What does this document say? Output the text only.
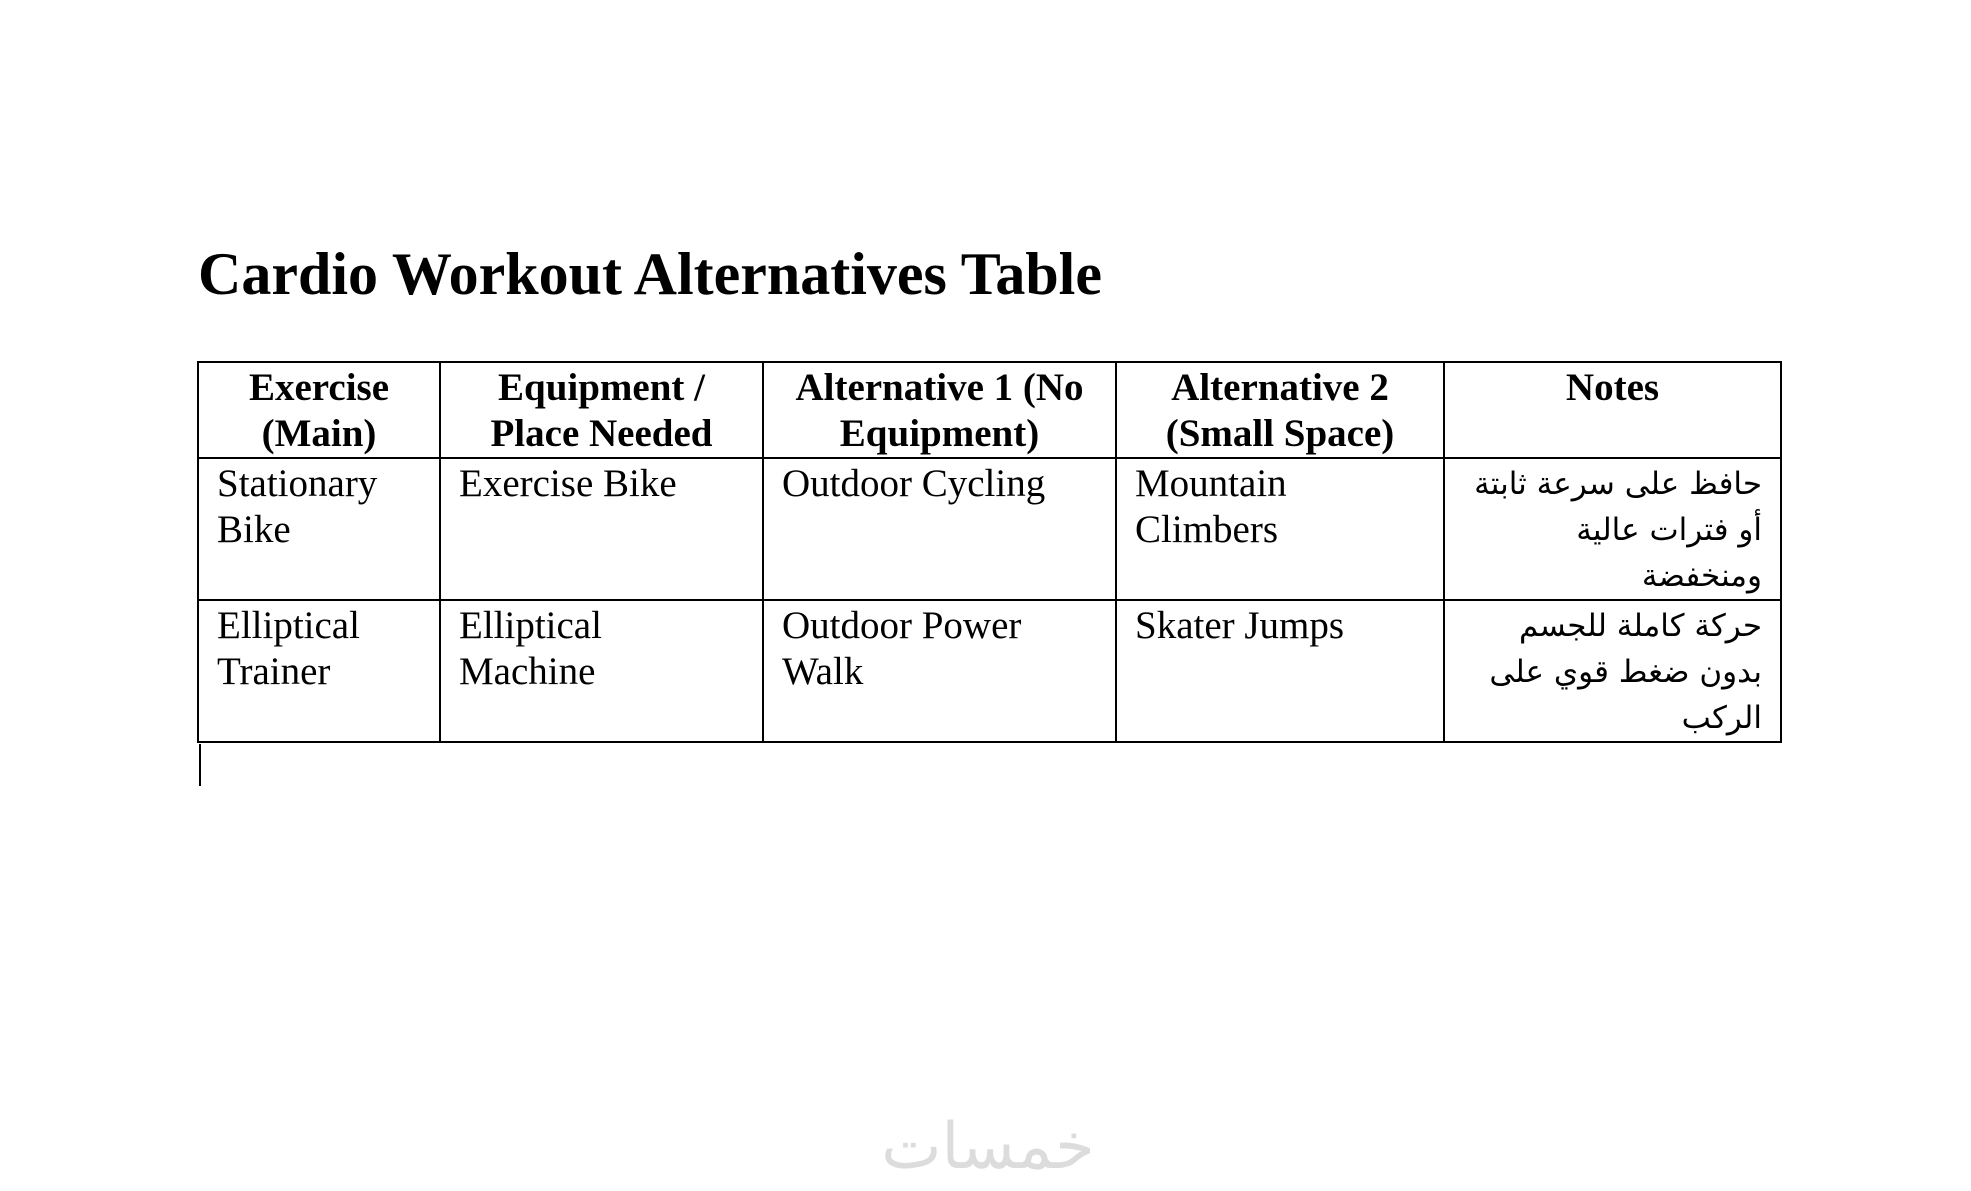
Cardio Workout Alternatives Table
Exercise (Main)	Equipment / Place Needed	Alternative 1 (No Equipment)	Alternative 2 (Small Space)	Notes
Stationary Bike	Exercise Bike	Outdoor Cycling	Mountain Climbers	حافظ على سرعة ثابتة أو فترات عالية ومنخفضة
Elliptical Trainer	Elliptical Machine	Outdoor Power Walk	Skater Jumps	حركة كاملة للجسم بدون ضغط قوي على الركب
خمسات
